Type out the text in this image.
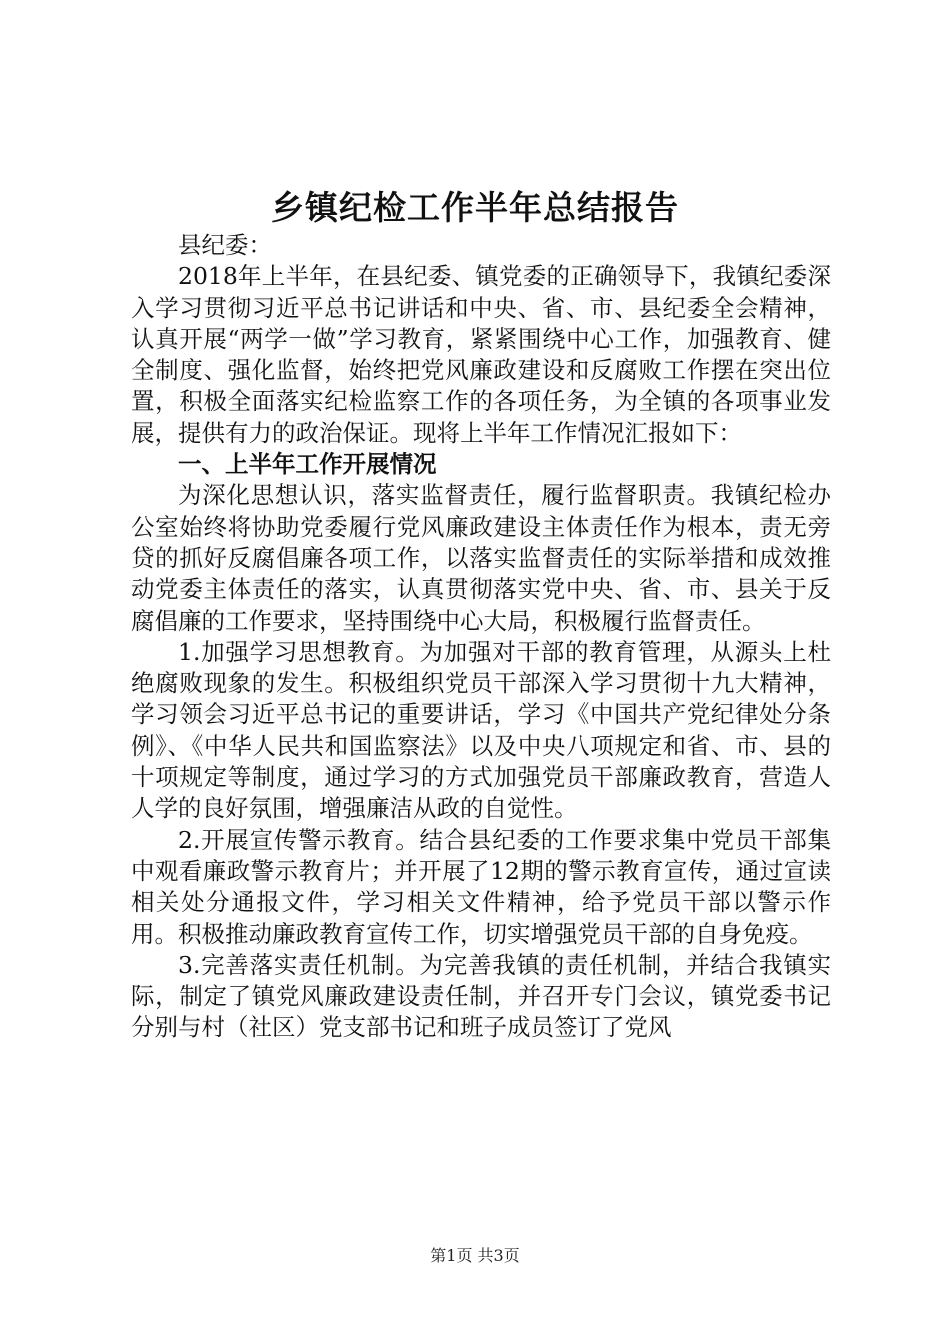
乡镇纪检工作半年总结报告

县纪委：

2018年上半年，在县纪委、镇党委的正确领导下，我镇纪委深入学习贯彻习近平总书记讲话和中央、省、市、县纪委全会精神，认真开展“两学一做”学习教育，紧紧围绕中心工作，加强教育、健全制度、强化监督，始终把党风廉政建设和反腐败工作摆在突出位置，积极全面落实纪检监察工作的各项任务，为全镇的各项事业发展，提供有力的政治保证。现将上半年工作情况汇报如下：

一、上半年工作开展情况

为深化思想认识，落实监督责任，履行监督职责。我镇纪检办公室始终将协助党委履行党风廉政建设主体责任作为根本，责无旁贷的抓好反腐倡廉各项工作，以落实监督责任的实际举措和成效推动党委主体责任的落实，认真贯彻落实党中央、省、市、县关于反腐倡廉的工作要求，坚持围绕中心大局，积极履行监督责任。

1.加强学习思想教育。为加强对干部的教育管理，从源头上杜绝腐败现象的发生。积极组织党员干部深入学习贯彻十九大精神，学习领会习近平总书记的重要讲话，学习《中国共产党纪律处分条例》、《中华人民共和国监察法》以及中央八项规定和省、市、县的十项规定等制度，通过学习的方式加强党员干部廉政教育，营造人人学的良好氛围，增强廉洁从政的自觉性。

2.开展宣传警示教育。结合县纪委的工作要求集中党员干部集中观看廉政警示教育片；并开展了12期的警示教育宣传，通过宣读相关处分通报文件，学习相关文件精神，给予党员干部以警示作用。积极推动廉政教育宣传工作，切实增强党员干部的自身免疫。

3.完善落实责任机制。为完善我镇的责任机制，并结合我镇实际，制定了镇党风廉政建设责任制，并召开专门会议，镇党委书记分别与村（社区）党支部书记和班子成员签订了党风

第1页 共3页
